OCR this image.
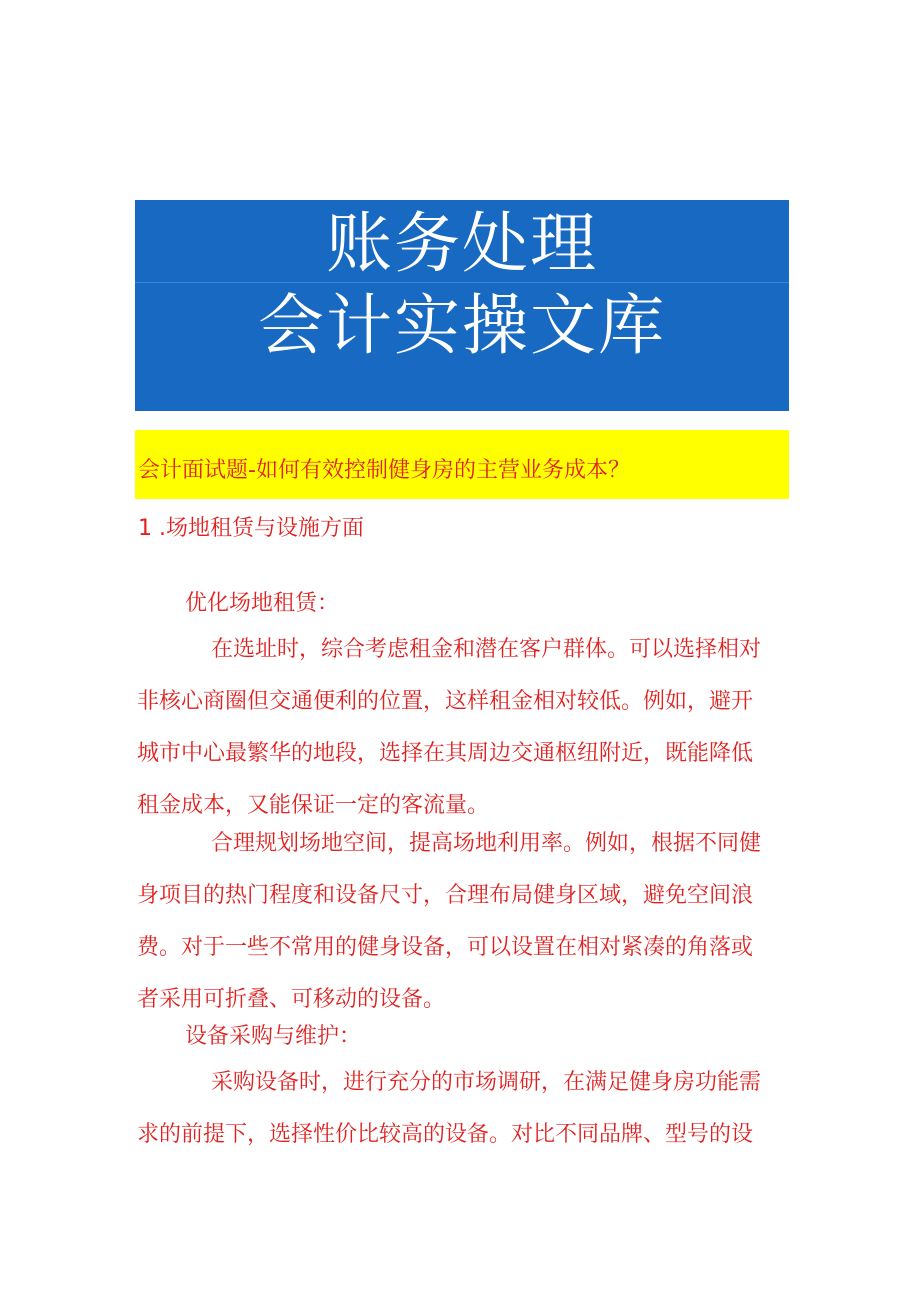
账务处理
会计实操文库
会计面试题-如何有效控制健身房的主营业务成本？
1 .场地租赁与设施方面
优化场地租赁：
在选址时，综合考虑租金和潜在客户群体。可以选择相对
非核心商圈但交通便利的位置，这样租金相对较低。例如，避开
城市中心最繁华的地段，选择在其周边交通枢纽附近，既能降低
租金成本，又能保证一定的客流量。
合理规划场地空间，提高场地利用率。例如，根据不同健
身项目的热门程度和设备尺寸，合理布局健身区域，避免空间浪
费。对于一些不常用的健身设备，可以设置在相对紧凑的角落或
者采用可折叠、可移动的设备。
设备采购与维护：
采购设备时，进行充分的市场调研，在满足健身房功能需
求的前提下，选择性价比较高的设备。对比不同品牌、型号的设
